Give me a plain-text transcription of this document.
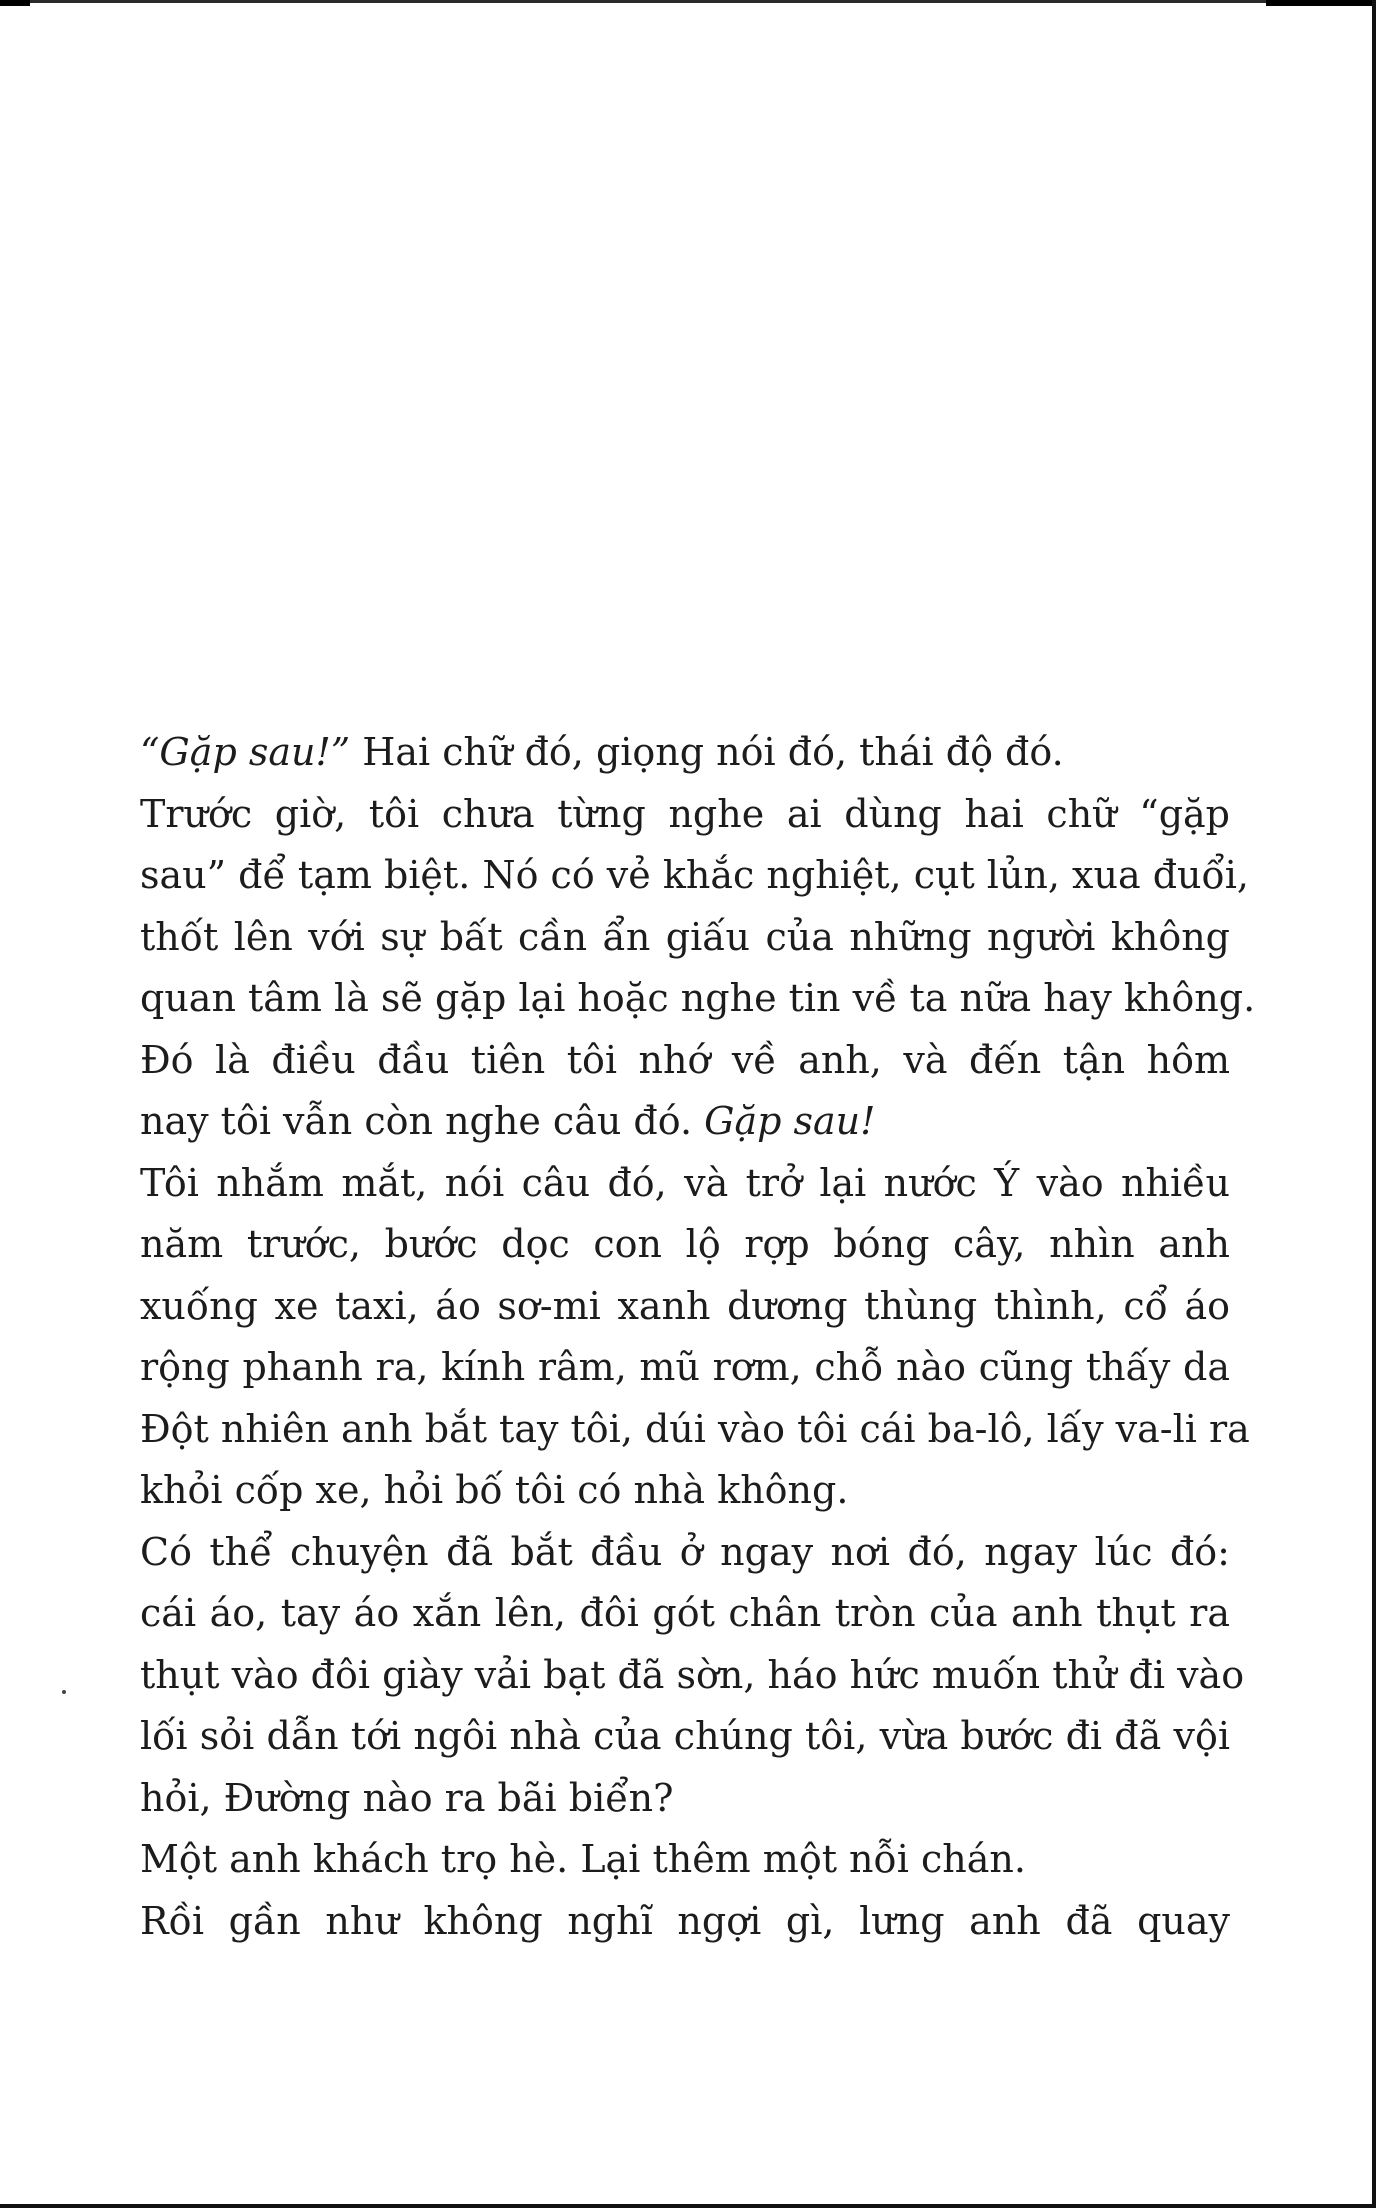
“Gặp sau!” Hai chữ đó, giọng nói đó, thái độ đó.
Trước giờ, tôi chưa từng nghe ai dùng hai chữ “gặp
sau” để tạm biệt. Nó có vẻ khắc nghiệt, cụt lủn, xua đuổi,
thốt lên với sự bất cần ẩn giấu của những người không
quan tâm là sẽ gặp lại hoặc nghe tin về ta nữa hay không.
Đó là điều đầu tiên tôi nhớ về anh, và đến tận hôm
nay tôi vẫn còn nghe câu đó. Gặp sau!
Tôi nhắm mắt, nói câu đó, và trở lại nước Ý vào nhiều
năm trước, bước dọc con lộ rợp bóng cây, nhìn anh
xuống xe taxi, áo sơ-mi xanh dương thùng thình, cổ áo
rộng phanh ra, kính râm, mũ rơm, chỗ nào cũng thấy da
Đột nhiên anh bắt tay tôi, dúi vào tôi cái ba-lô, lấy va-li ra
khỏi cốp xe, hỏi bố tôi có nhà không.
Có thể chuyện đã bắt đầu ở ngay nơi đó, ngay lúc đó:
cái áo, tay áo xắn lên, đôi gót chân tròn của anh thụt ra
thụt vào đôi giày vải bạt đã sờn, háo hức muốn thử đi vào
lối sỏi dẫn tới ngôi nhà của chúng tôi, vừa bước đi đã vội
hỏi, Đường nào ra bãi biển?
Một anh khách trọ hè. Lại thêm một nỗi chán.
Rồi gần như không nghĩ ngợi gì, lưng anh đã quay
